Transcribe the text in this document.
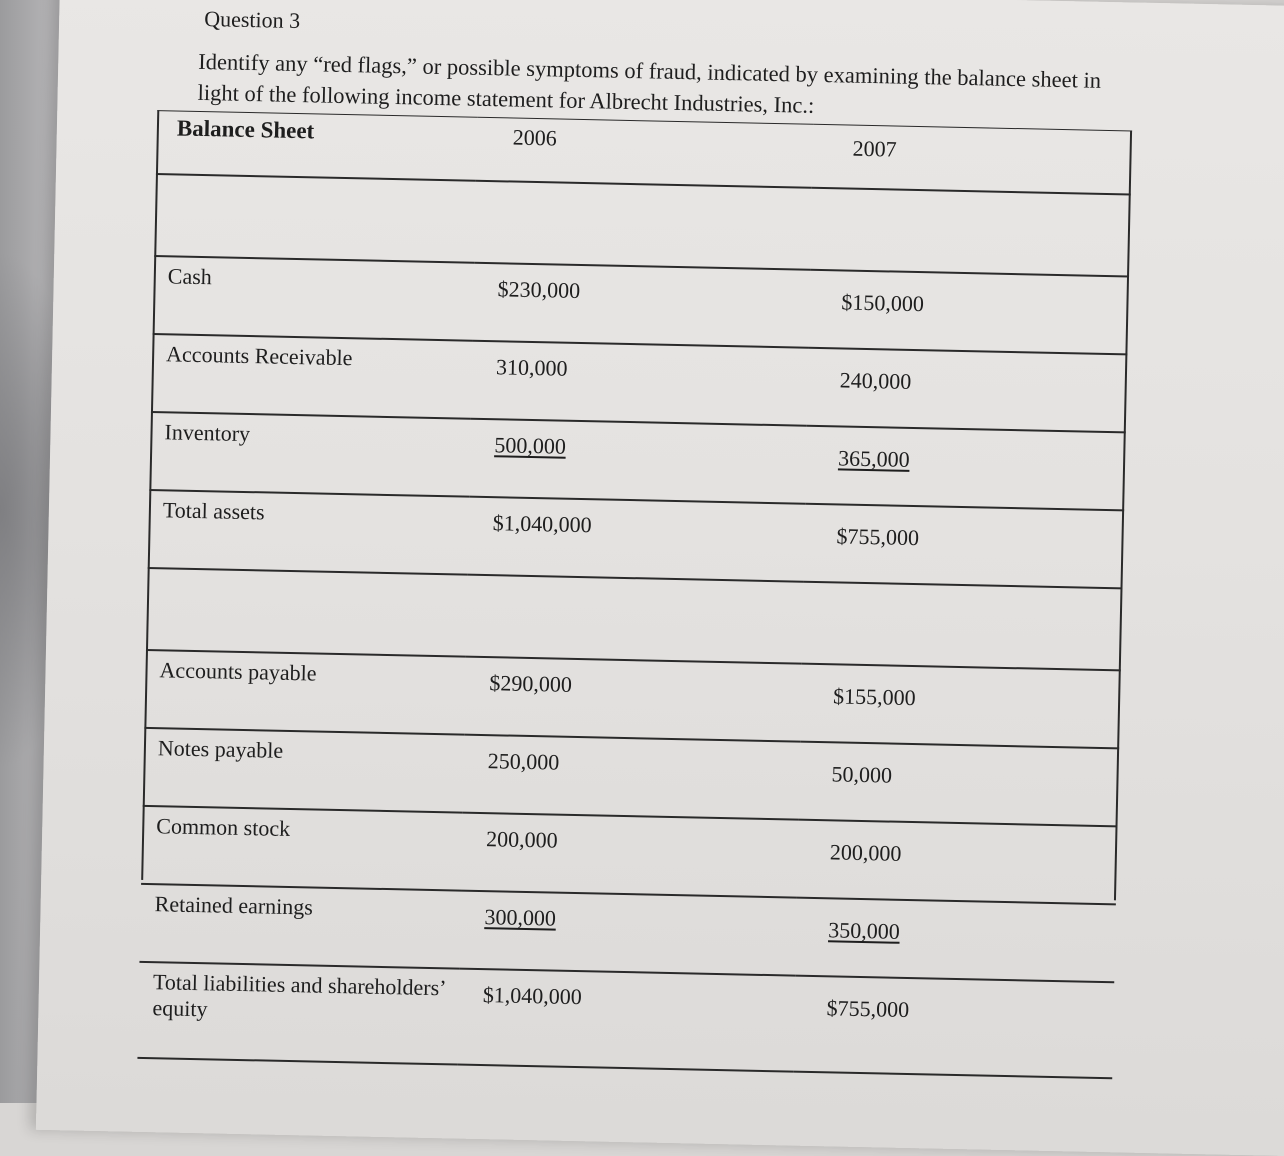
Question 3
Identify any “red flags,” or possible symptoms of fraud, indicated by examining the balance sheet in light of the following income statement for Albrecht Industries, Inc.:
Balance Sheet	2006	2007

Cash	$230,000	$150,000
Accounts Receivable	310,000	240,000
Inventory	500,000	365,000
Total assets	$1,040,000	$755,000

Accounts payable	$290,000	$155,000
Notes payable	250,000	50,000
Common stock	200,000	200,000
Retained earnings	300,000	350,000
Total liabilities and shareholders’ equity	$1,040,000	$755,000
